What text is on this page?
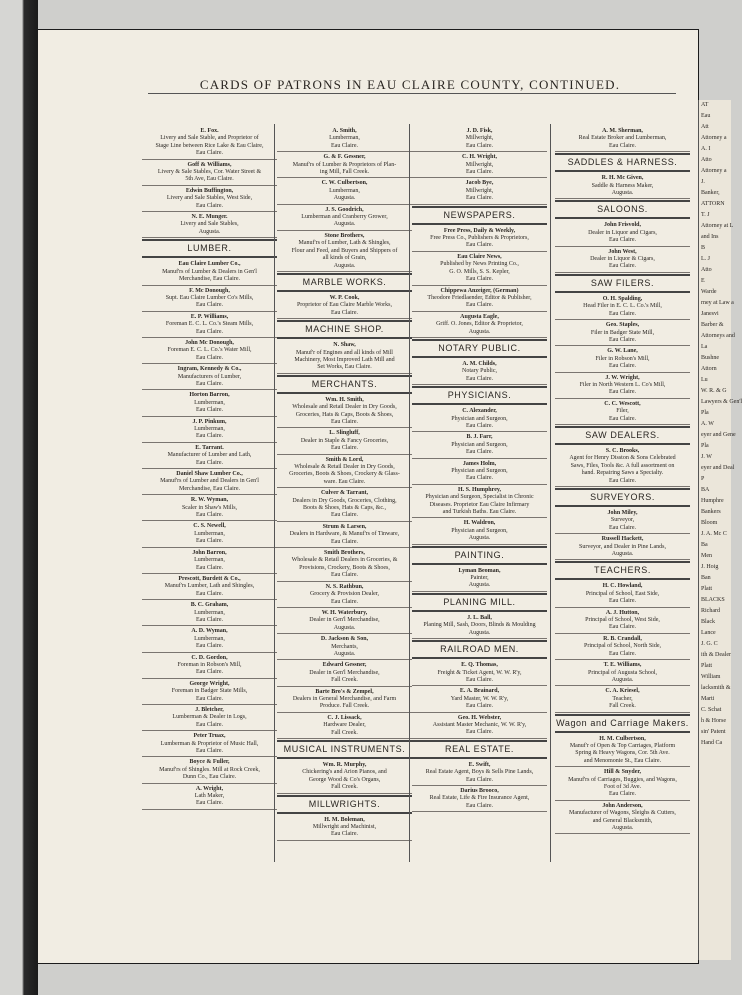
AT
Eau
Att
Attorney a
A. I
Atto
Attorney a
J.
Banker,
ATTORN
T. J
Attorney at L
and Ins
B
L. J
Atto
E
Warde
rney at Law a
Janesvi
Barber &
Attorneys and
La
Bushne
Attorn
Lu
W. R. & G
Lawyers & Gen'l
Pla
A. W
eyer and Gene
Pla
J. W
eyer and Deal
P
BA
Humphre
Bankers
Bloom
J. A. Mc C
Ba
Men
J. Hoig
Ban
Platt
BLACKS
Richard
Black
Lance
J. G. C
ith & Dealer
Platt
William
lacksmith &
Marti
C. Schat
h & Horse
sin' Patent
Hand Ca
CARDS OF PATRONS IN EAU CLAIRE COUNTY, CONTINUED.
E. Fox.
Livery and Sale Stable, and Proprietor of
Stage Line between Rice Lake & Eau Claire,
Eau Claire.
Goff & Williams,
Livery & Sale Stables, Cor. Water Street &
5th Ave, Eau Claire.
Edwin Buffington,
Livery and Sale Stables, West Side,
Eau Claire.
N. E. Munger.
Livery and Sale Stables,
Augusta.
LUMBER.
Eau Claire Lumber Co.,
Manuf'rs of Lumber & Dealers in Gen'l
Merchandise, Eau Claire.
F. Mc Donough,
Supt. Eau Claire Lumber Co's Mills,
Eau Claire.
E. P. Williams,
Foreman E. C. L. Co.'s Steam Mills,
Eau Claire.
John Mc Donough,
Foreman E. C. L. Co.'s Water Mill,
Eau Claire.
Ingram, Kennedy & Co.,
Manufacturers of Lumber,
Eau Claire.
Horton Barron,
Lumberman,
Eau Claire.
J. P. Pinkum,
Lumberman,
Eau Claire.
E. Tarrant.
Manufacturer of Lumber and Lath,
Eau Claire.
Daniel Shaw Lumber Co.,
Manuf'rs of Lumber and Dealers in Gen'l
Merchandise, Eau Claire.
R. W. Wyman,
Scaler in Shaw's Mills,
Eau Claire.
C. S. Newell,
Lumberman,
Eau Claire.
John Barron,
Lumberman,
Eau Claire.
Prescott, Burdett & Co.,
Manuf'rs Lumber, Lath and Shingles,
Eau Claire.
B. C. Graham,
Lumberman,
Eau Claire.
A. D. Wyman,
Lumberman,
Eau Claire.
C. D. Gordon,
Foreman in Robson's Mill,
Eau Claire.
George Wright,
Foreman in Badger State Mills,
Eau Claire.
J. Bletcher,
Lumberman & Dealer in Logs,
Eau Claire.
Peter Truax,
Lumberman & Proprietor of Music Hall,
Eau Claire.
Boyce & Fuller,
Manuf'rs of Shingles. Mill at Rock Creek,
Dunn Co., Eau Claire.
A. Wright,
Lath Maker,
Eau Claire.
A. Smith,
Lumberman,
Eau Claire.
G. & F. Gessner,
Manuf'rs of Lumber & Proprietors of Plan-
ing Mill, Fall Creek.
C. W. Culbertson,
Lumberman,
Augusta.
J. S. Goodrich,
Lumberman and Cranberry Grower,
Augusta.
Stone Brothers,
Manuf'rs of Lumber, Lath & Shingles,
Flour and Feed, and Buyers and Shippers of
all kinds of Grain,
Augusta.
MARBLE WORKS.
W. P. Cook,
Proprietor of Eau Claire Marble Works,
Eau Claire.
MACHINE SHOP.
N. Shaw,
Manuf'r of Engines and all kinds of Mill
Machinery, Most Improved Lath Mill and
Set Works, Eau Claire.
MERCHANTS.
Wm. H. Smith,
Wholesale and Retail Dealer in Dry Goods,
Groceries, Hats & Caps, Boots & Shoes,
Eau Claire.
L. Slingluff,
Dealer in Staple & Fancy Groceries,
Eau Claire.
Smith & Lord,
Wholesale & Retail Dealer in Dry Goods,
Groceries, Boots & Shoes, Crockery & Glass-
ware. Eau Claire.
Culver & Tarrant,
Dealers in Dry Goods, Groceries, Clothing,
Boots & Shoes, Hats & Caps, &c.,
Eau Claire.
Strum & Larsen,
Dealers in Hardware, & Manuf'rs of Tinware,
Eau Claire.
Smith Brothers,
Wholesale & Retail Dealers in Groceries, &
Provisions, Crockery, Boots & Shoes,
Eau Claire.
N. S. Rathbun,
Grocery & Provision Dealer,
Eau Claire.
W. H. Waterbury,
Dealer in Gen'l Merchandise,
Augusta.
D. Jackson & Son,
Merchants,
Augusta.
Edward Gessner,
Dealer in Gen'l Merchandise,
Fall Creek.
Barte Bro's & Zempel,
Dealers in General Merchandise, and Farm
Produce. Fall Creek.
C. J. Lissack,
Hardware Dealer,
Fall Creek.
MUSICAL INSTRUMENTS.
Wm. R. Murphy,
Chickering's and Arion Pianos, and
George Wood & Co's Organs,
Fall Creek.
MILLWRIGHTS.
H. M. Boleman,
Millwright and Machinist,
Eau Claire.
J. D. Fisk,
Millwright,
Eau Claire.
C. H. Wright,
Millwright,
Eau Claire.
Jacob Bye,
Millwright,
Eau Claire.
NEWSPAPERS.
Free Press, Daily & Weekly,
Free Press Co., Publishers & Proprietors,
Eau Claire.
Eau Claire News,
Published by News Printing Co.,
G. O. Mills, S. S. Kepler,
Eau Claire.
Chippewa Anzeiger, (German)
Theodore Friedlaender, Editor & Publisher,
Eau Claire.
Augusta Eagle,
Griff. O. Jones, Editor & Proprietor,
Augusta.
NOTARY PUBLIC.
A. M. Childs,
Notary Public,
Eau Claire.
PHYSICIANS.
C. Alexander,
Physician and Surgeon,
Eau Claire.
B. J. Farr,
Physician and Surgeon,
Eau Claire.
James Holm,
Physician and Surgeon,
Eau Claire.
H. S. Humphrey,
Physician and Surgeon, Specialist in Chronic
Diseases. Proprietor Eau Claire Infirmary
and Turkish Baths. Eau Claire.
H. Waldron,
Physician and Surgeon,
Augusta.
PAINTING.
Lyman Beoman,
Painter,
Augusta.
PLANING MILL.
J. L. Ball,
Planing Mill, Sash, Doors, Blinds & Moulding
Augusta.
RAILROAD MEN.
E. Q. Thomas,
Freight & Ticket Agent, W. W. R'y,
Eau Claire.
E. A. Brainard,
Yard Master, W. W. R'y,
Eau Claire.
Geo. H. Webster,
Assistant Master Mechanic, W. W. R'y,
Eau Claire.
REAL ESTATE.
E. Swift,
Real Estate Agent, Boys & Sells Pine Lands,
Eau Claire.
Darius Brooco,
Real Estate, Life & Fire Insurance Agent,
Eau Claire.
A. M. Sherman,
Real Estate Broker and Lumberman,
Eau Claire.
SADDLES & HARNESS.
R. H. Mc Given,
Saddle & Harness Maker,
Augusta.
SALOONS.
John Frisvold,
Dealer in Liquor and Cigars,
Eau Claire.
John West,
Dealer in Liquor & Cigars,
Eau Claire.
SAW FILERS.
O. H. Spalding,
Head Filer in E. C. L. Co.'s Mill,
Eau Claire.
Geo. Staples,
Filer in Badger State Mill,
Eau Claire.
G. W. Lane,
Filer in Robson's Mill,
Eau Claire.
J. W. Wright,
Filer in North Western L. Co's Mill,
Eau Claire.
C. C. Wescott,
Filer,
Eau Claire.
SAW DEALERS.
S. C. Brooks,
Agent for Henry Disston & Sons Celebrated
Saws, Files, Tools &c. A full assortment on
hand. Repairing Saws a Specialty.
Eau Claire.
SURVEYORS.
John Miley,
Surveyor,
Eau Claire.
Russell Hackett,
Surveyor, and Dealer in Pine Lands,
Augusta.
TEACHERS.
H. C. Howland,
Principal of School, East Side,
Eau Claire.
A. J. Hutton,
Principal of School, West Side,
Eau Claire.
R. B. Crandall,
Principal of School, North Side,
Eau Claire.
T. E. Williams,
Principal of Augusta School,
Augusta.
C. A. Kriesel,
Teacher,
Fall Creek.
Wagon and Carriage Makers.
H. M. Culbertson,
Manuf'r of Open & Top Carriages, Platform
Spring & Heavy Wagons, Cor. 5th Ave.
and Menomonie St., Eau Claire.
Hill & Snyder,
Manuf'rs of Carriages, Buggies, and Wagons,
Foot of 3d Ave.
Eau Claire.
John Anderson,
Manufacturer of Wagons, Sleighs & Cutters,
and General Blacksmith,
Augusta.
